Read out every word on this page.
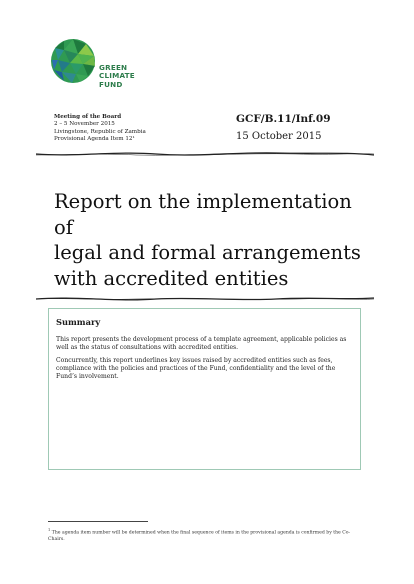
GREEN
CLIMATE
FUND
Meeting of the Board
2 – 5 November 2015
Livingstone, Republic of Zambia
Provisional Agenda Item 12¹
GCF/B.11/Inf.09
15 October 2015
Report on the implementation of
legal and formal arrangements
with accredited entities
Summary

This report presents the development process of a template agreement, applicable policies as well as the status of consultations with accredited entities.

Concurrently, this report underlines key issues raised by accredited entities such as fees, compliance with the policies and practices of the Fund, confidentiality and the level of the Fund’s involvement.

$^1$ The agenda item number will be determined when the final sequence of items in the provisional agenda is confirmed by the Co-Chairs.
